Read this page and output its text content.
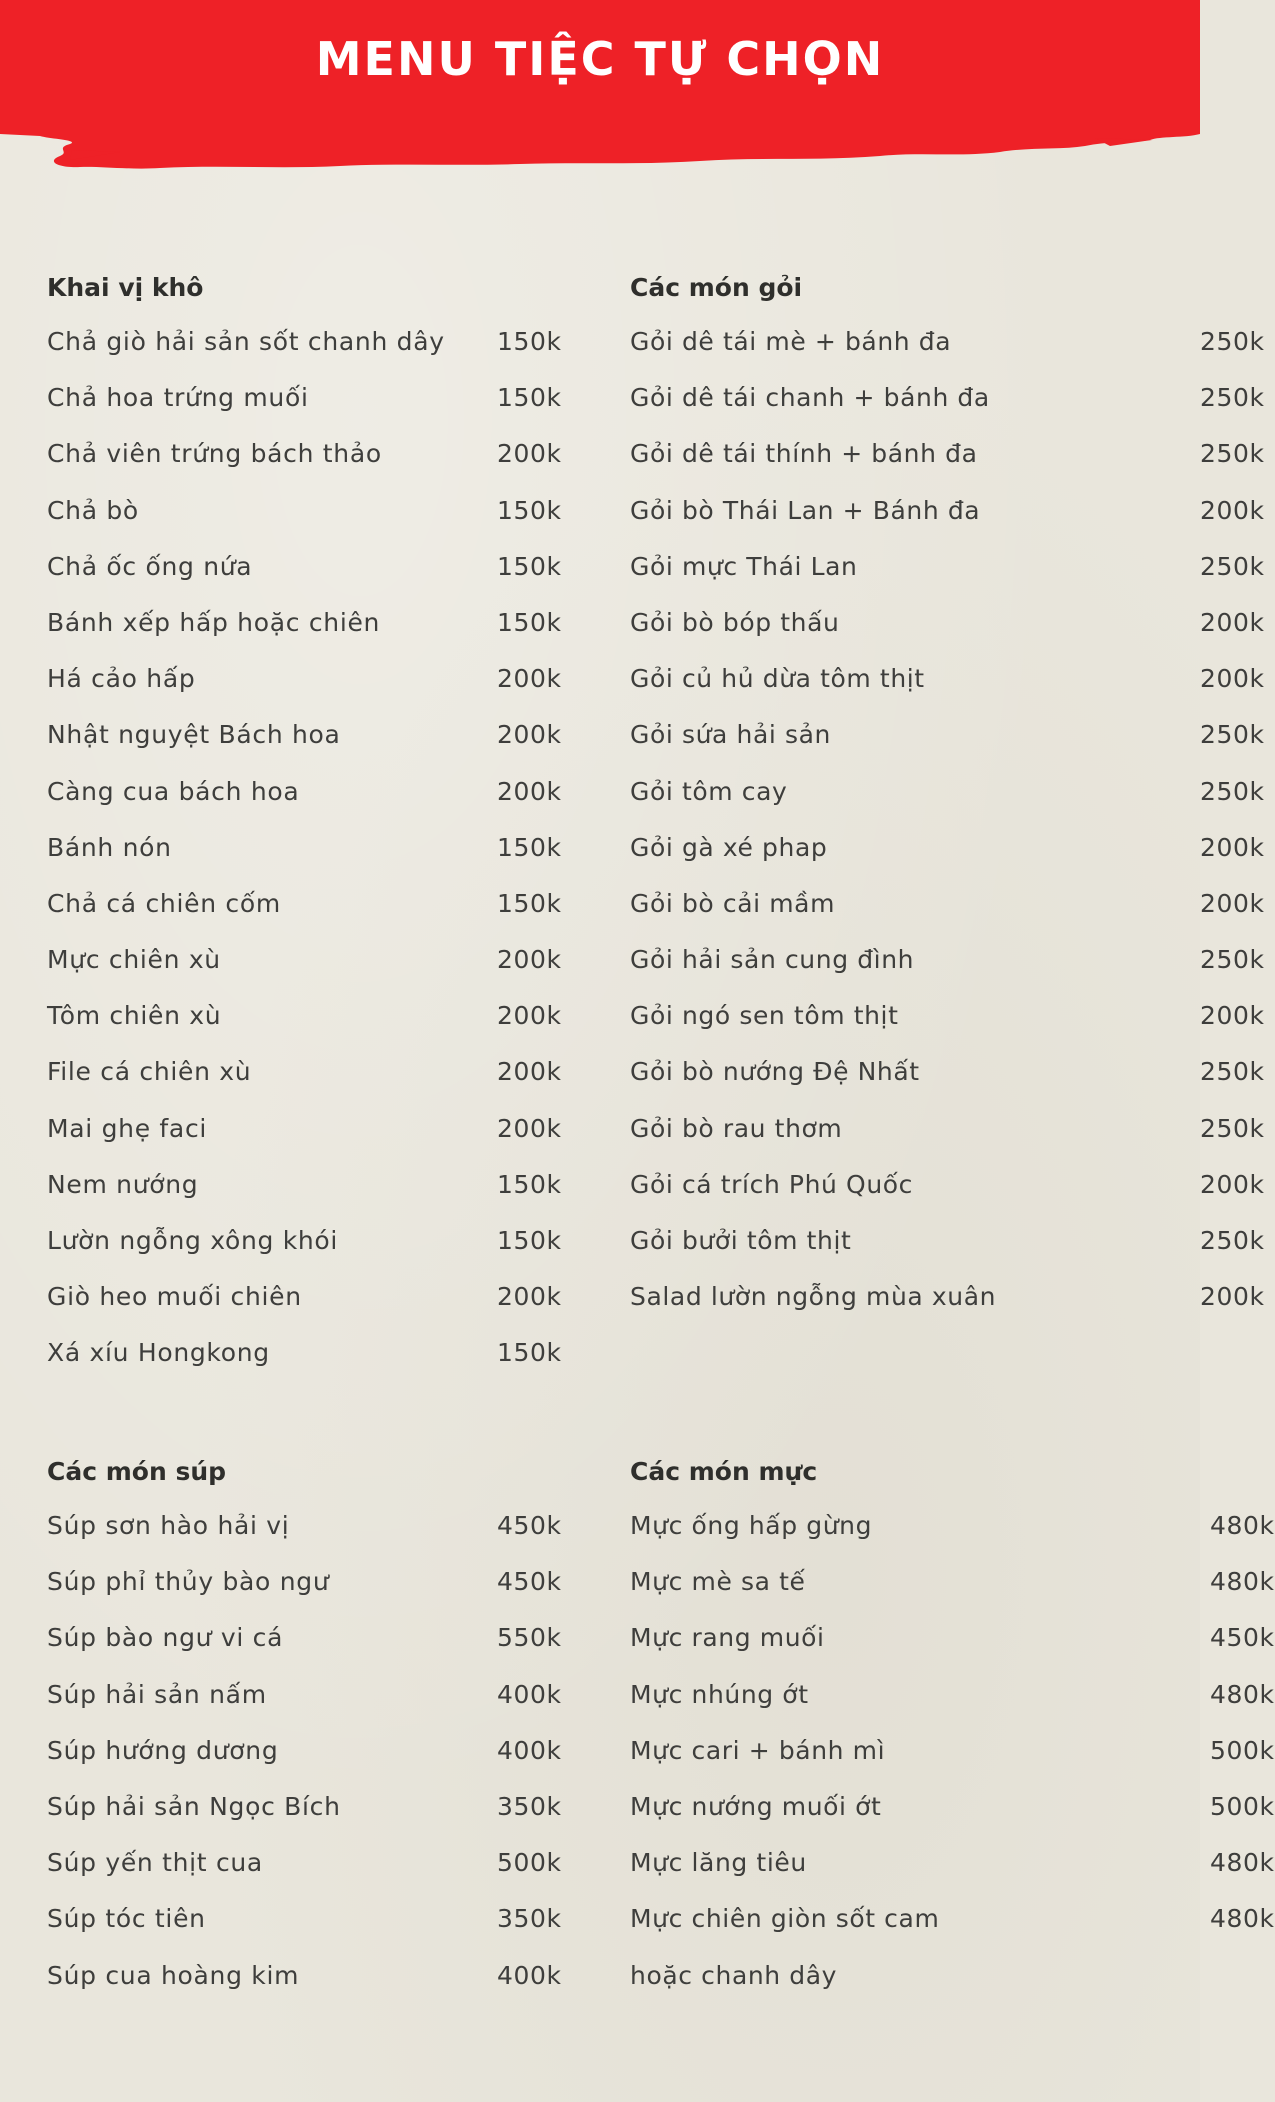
MENU TIỆC TỰ CHỌN
Khai vị khô
Chả giò hải sản sốt chanh dây 150k
Chả hoa trứng muối	150k
Chả viên trứng bách thảo	200k
Chả bò	150k
Chả ốc ống nứa	150k
Bánh xếp hấp hoặc chiên	150k
Há cảo hấp	200k
Nhật nguyệt Bách hoa	200k
Càng cua bách hoa	200k
Bánh nón	150k
Chả cá chiên cốm	150k
Mực chiên xù	200k
Tôm chiên xù	200k
File cá chiên xù	200k
Mai ghẹ faci	200k
Nem nướng	150k
Lườn ngỗng xông khói	150k
Giò heo muối chiên	200k
Xá xíu Hongkong	150k
Các món gỏi
Gỏi dê tái mè + bánh đa	250k
Gỏi dê tái chanh + bánh đa	250k
Gỏi dê tái thính + bánh đa	250k
Gỏi bò Thái Lan + Bánh đa	200k
Gỏi mực Thái Lan	250k
Gỏi bò bóp thấu	200k
Gỏi củ hủ dừa tôm thịt	200k
Gỏi sứa hải sản	250k
Gỏi tôm cay	250k
Gỏi gà xé phap	200k
Gỏi bò cải mầm	200k
Gỏi hải sản cung đình	250k
Gỏi ngó sen tôm thịt	200k
Gỏi bò nướng Đệ Nhất	250k
Gỏi bò rau thơm	250k
Gỏi cá trích Phú Quốc	200k
Gỏi bưởi tôm thịt	250k
Salad lườn ngỗng mùa xuân	200k
Các món súp
Súp sơn hào hải vị	450k
Súp phỉ thủy bào ngư	450k
Súp bào ngư vi cá	550k
Súp hải sản nấm	400k
Súp hướng dương	400k
Súp hải sản Ngọc Bích	350k
Súp yến thịt cua	500k
Súp tóc tiên	350k
Súp cua hoàng kim	400k
Các món mực
Mực ống hấp gừng	480k
Mực mè sa tế	480k
Mực rang muối	450k
Mực nhúng ớt	480k
Mực cari + bánh mì	500k
Mực nướng muối ớt	500k
Mực lăng tiêu	480k
Mực chiên giòn sốt cam	480k
hoặc chanh dây
